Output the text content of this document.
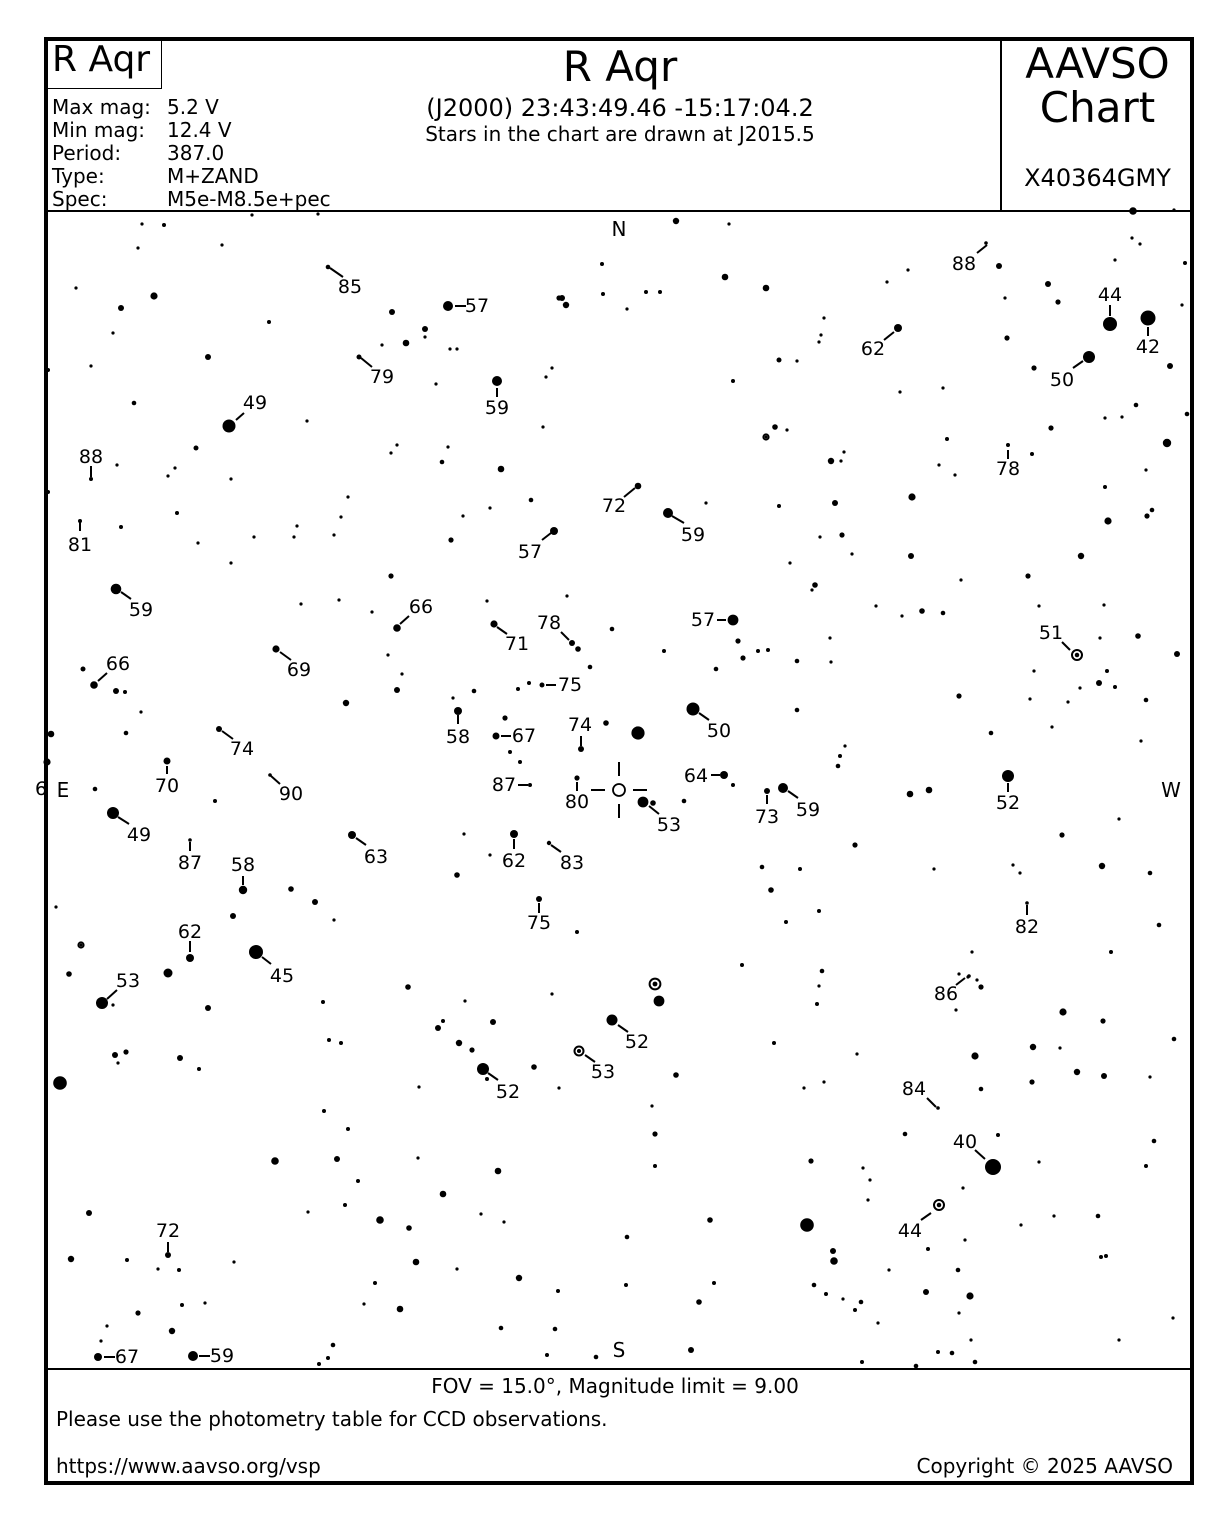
R Aqr
Max mag: 5.2 V
Min mag: 12.4 V
Period: 387.0
Type:	M+ZAND
Spec:	M5e-M8.5e+pec
R Aqr
(J2000) 23:43:49.46 -15:17:04.2
Stars in the chart are drawn at J2015.5
AAVSO
Chart
X40364GMY
85
57
79
59
49
88
81
72
57
59
59	66
66	69
71
78	57
75
58 67 74	50
74
70	90	87
80
64
73 59
53
49
87 58	63	62 83
75
62
45
53
52
53
52
88
44
42
62
50
78
51
52
82
86
84
40
44
72
67	59
N
S
E
6	W
FOV = 15.0°, Magnitude limit = 9.00
Please use the photometry table for CCD observations.
https://www.aavso.org/vsp	Copyright © 2025 AAVSO
